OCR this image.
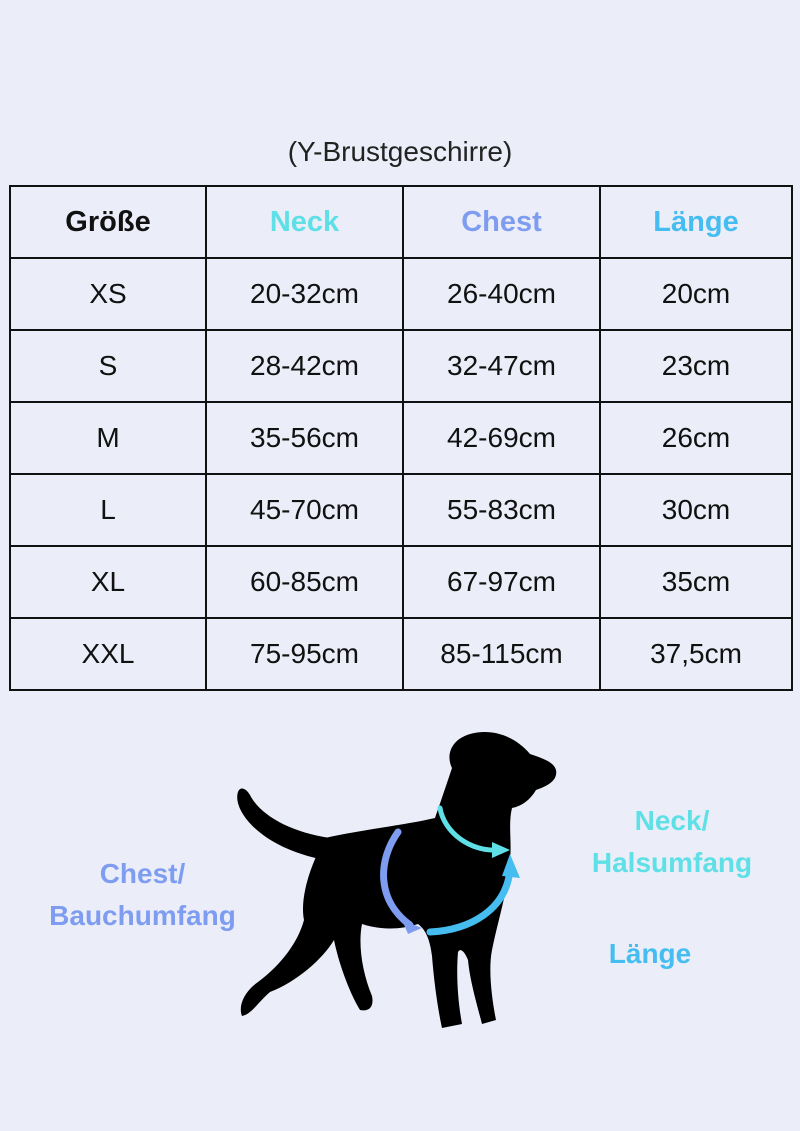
(Y-Brustgeschirre)
Größe	Neck	Chest	Länge
XS	20-32cm	26-40cm	20cm
S	28-42cm	32-47cm	23cm
M	35-56cm	42-69cm	26cm
L	45-70cm	55-83cm	30cm
XL	60-85cm	67-97cm	35cm
XXL	75-95cm	85-115cm	37,5cm
Chest/
Bauchumfang
Neck/
Halsumfang
Länge
